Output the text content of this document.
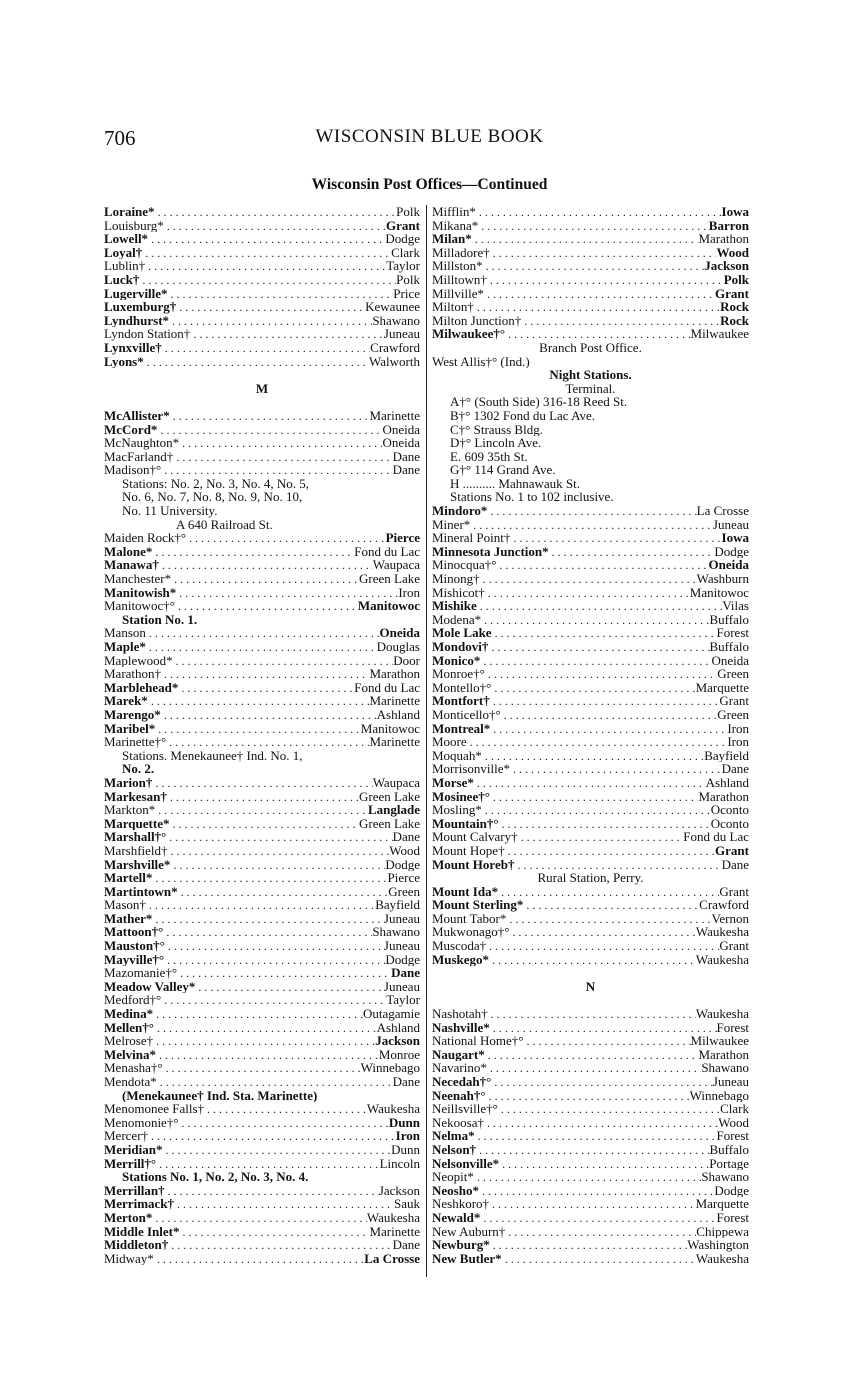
706	WISCONSIN BLUE BOOK
Wisconsin Post Offices—Continued
Loraine* . . .	Polk
Louisburg* . . .	Grant
Lowell* . . .	Dodge
Loyal† . . .	Clark
Lublin† . . .	Taylor
Luck† . . .	Polk
Lugerville* . . .	Price
Luxemburg† . . .	Kewaunee
Lyndhurst* . . .	Shawano
Lyndon Station† . . .	Juneau
Lynxville† . . .	Crawford
Lyons* . . .	Walworth
M
McAllister* . . .	Marinette
McCord* . . .	Oneida
McNaughton* . . .	Oneida
MacFarland† . . .	Dane
Madison†° . . .	Dane
Stations: No. 2, No. 3, No. 4, No. 5,
No. 6, No. 7, No. 8, No. 9, No. 10,
No. 11 University.
A 640 Railroad St.
Maiden Rock†° . . .	Pierce
Malone* . . .	Fond du Lac
Manawa† . . .	Waupaca
Manchester* . . .	Green Lake
Manitowish* . . .	Iron
Manitowoc†° . . .	Manitowoc
Station No. 1.
Manson . . .	Oneida
Maple* . . .	Douglas
Maplewood* . . .	Door
Marathon† . . .	Marathon
Marblehead* . . .	Fond du Lac
Marek* . . .	Marinette
Marengo* . . .	Ashland
Maribel* . . .	Manitowoc
Marinette†° . . .	Marinette
Stations. Menekaunee† Ind. No. 1,
No. 2.
Marion† . . .	Waupaca
Markesan† . . .	Green Lake
Markton* . . .	Langlade
Marquette* . . .	Green Lake
Marshall†° . . .	Dane
Marshfield† . . .	Wood
Marshville* . . .	Dodge
Martell* . . .	Pierce
Martintown* . . .	Green
Mason† . . .	Bayfield
Mather* . . .	Juneau
Mattoon†° . . .	Shawano
Mauston†° . . .	Juneau
Mayville†° . . .	Dodge
Mazomanie†° . . .	Dane
Meadow Valley* . . .	Juneau
Medford†° . . .	Taylor
Medina* . . .	Outagamie
Mellen†° . . .	Ashland
Melrose† . . .	Jackson
Melvina* . . .	Monroe
Menasha†° . . .	Winnebago
Mendota* . . .	Dane
(Menekaunee† Ind. Sta. Marinette)
Menomonee Falls† . . .	Waukesha
Menomonie†° . . .	Dunn
Mercer† . . .	Iron
Meridian* . . .	Dunn
Merrill†° . . .	Lincoln
Stations No. 1, No. 2, No. 3, No. 4.
Merrillan† . . .	Jackson
Merrimack† . . .	Sauk
Merton* . . .	Waukesha
Middle Inlet* . . .	Marinette
Middleton† . . .	Dane
Midway* . . .	La Crosse
Mifflin* . . .	Iowa
Mikana* . . .	Barron
Milan* . . .	Marathon
Milladore† . . .	Wood
Millston* . . .	Jackson
Milltown† . . .	Polk
Millville* . . .	Grant
Milton† . . .	Rock
Milton Junction† . . .	Rock
Milwaukee†° . . .	Milwaukee
Branch Post Office.
West Allis†° (Ind.)
Night Stations.
Terminal.
A†° (South Side) 316-18 Reed St.
B†° 1302 Fond du Lac Ave.
C†° Strauss Bldg.
D†° Lincoln Ave.
E. 609 35th St.
G†° 114 Grand Ave.
H .......... Mahnawauk St.
Stations No. 1 to 102 inclusive.
Mindoro* . . .	La Crosse
Miner* . . .	Juneau
Mineral Point† . . .	Iowa
Minnesota Junction* . . .	Dodge
Minocqua†° . . .	Oneida
Minong† . . .	Washburn
Mishicot† . . .	Manitowoc
Mishike . . .	Vilas
Modena* . . .	Buffalo
Mole Lake . . .	Forest
Mondovi† . . .	Buffalo
Monico* . . .	Oneida
Monroe†° . . .	Green
Montello†° . . .	Marquette
Montfort† . . .	Grant
Monticello†° . . .	Green
Montreal* . . .	Iron
Moore . . .	Iron
Moquah* . . .	Bayfield
Morrisonville* . . .	Dane
Morse* . . .	Ashland
Mosinee†° . . .	Marathon
Mosling* . . .	Oconto
Mountain†° . . .	Oconto
Mount Calvary† . . .	Fond du Lac
Mount Hope† . . .	Grant
Mount Horeb† . . .	Dane
Rural Station, Perry.
Mount Ida* . . .	Grant
Mount Sterling* . . .	Crawford
Mount Tabor* . . .	Vernon
Mukwonago†° . . .	Waukesha
Muscoda† . . .	Grant
Muskego* . . .	Waukesha
N
Nashotah† . . .	Waukesha
Nashville* . . .	Forest
National Home†° . . .	Milwaukee
Naugart* . . .	Marathon
Navarino* . . .	Shawano
Necedah†° . . .	Juneau
Neenah†° . . .	Winnebago
Neillsville†° . . .	Clark
Nekoosa† . . .	Wood
Nelma* . . .	Forest
Nelson† . . .	Buffalo
Nelsonville* . . .	Portage
Neopit* . . .	Shawano
Neosho* . . .	Dodge
Neshkoro† . . .	Marquette
Newald* . . .	Forest
New Auburn† . . .	Chippewa
Newburg* . . .	Washington
New Butler* . . .	Waukesha
